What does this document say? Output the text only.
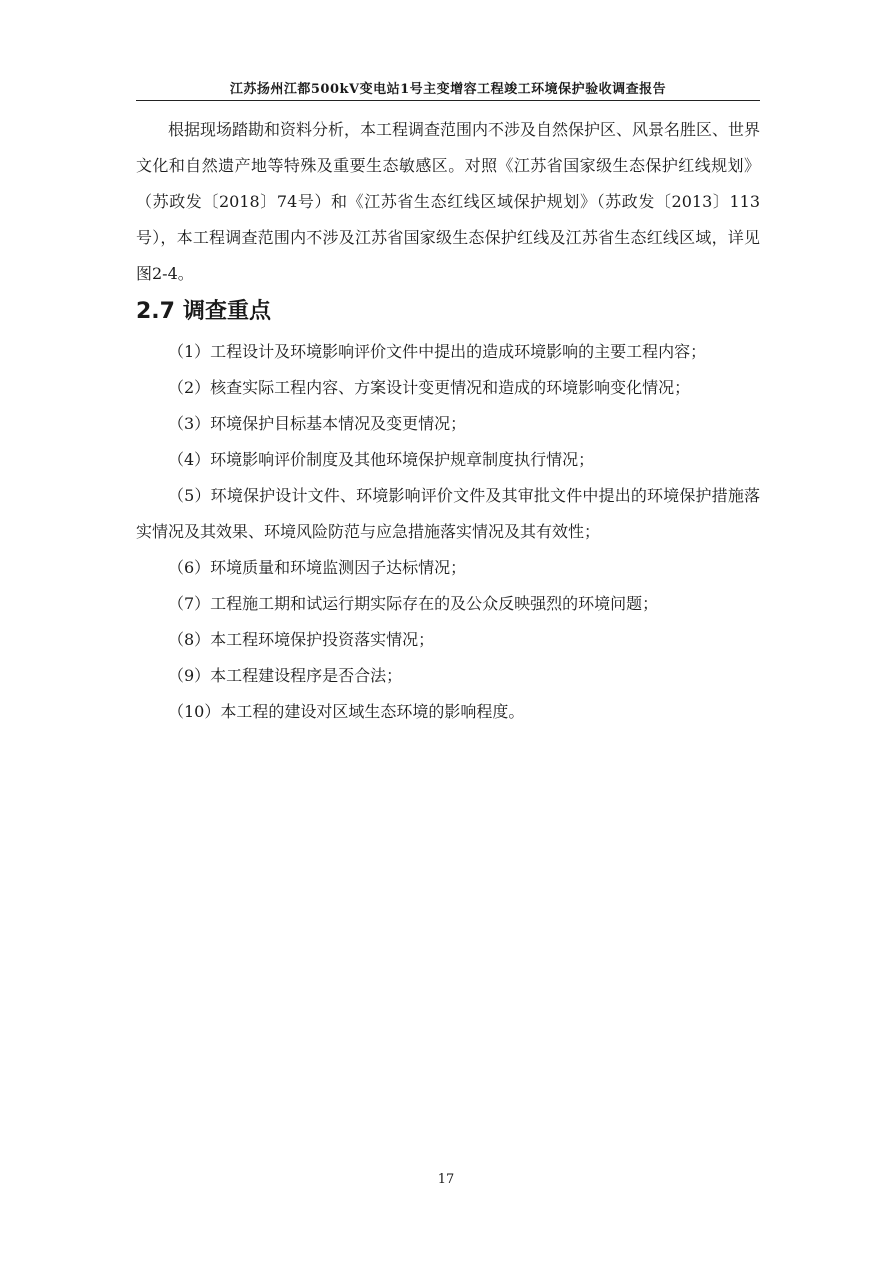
江苏扬州江都500kV变电站1号主变增容工程竣工环境保护验收调查报告

根据现场踏勘和资料分析，本工程调查范围内不涉及自然保护区、风景名胜区、世界文化和自然遗产地等特殊及重要生态敏感区。对照《江苏省国家级生态保护红线规划》（苏政发〔2018〕74号）和《江苏省生态红线区域保护规划》（苏政发〔2013〕113号），本工程调查范围内不涉及江苏省国家级生态保护红线及江苏省生态红线区域，详见图2-4。

2.7 调查重点
（1）工程设计及环境影响评价文件中提出的造成环境影响的主要工程内容；
（2）核查实际工程内容、方案设计变更情况和造成的环境影响变化情况；
（3）环境保护目标基本情况及变更情况；
（4）环境影响评价制度及其他环境保护规章制度执行情况；
（5）环境保护设计文件、环境影响评价文件及其审批文件中提出的环境保护措施落实情况及其效果、环境风险防范与应急措施落实情况及其有效性；
（6）环境质量和环境监测因子达标情况；
（7）工程施工期和试运行期实际存在的及公众反映强烈的环境问题；
（8）本工程环境保护投资落实情况；
（9）本工程建设程序是否合法；
（10）本工程的建设对区域生态环境的影响程度。
17
